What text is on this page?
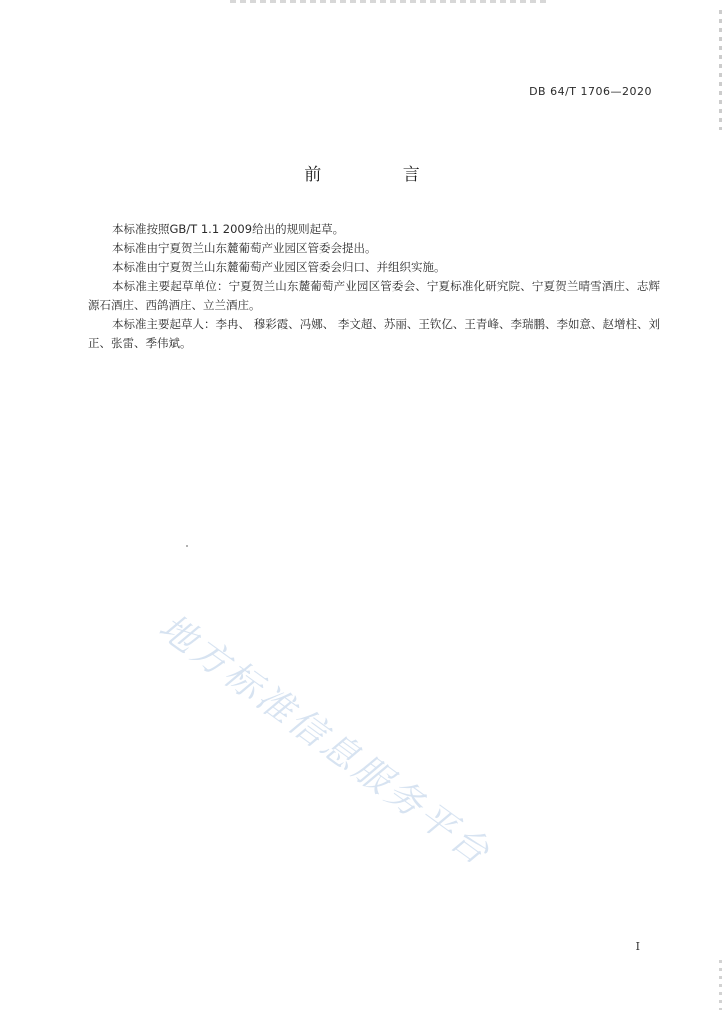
DB 64/T 1706—2020
前 言

本标准按照GB/T 1.1 2009给出的规则起草。

本标准由宁夏贺兰山东麓葡萄产业园区管委会提出。

本标准由宁夏贺兰山东麓葡萄产业园区管委会归口、并组织实施。

本标准主要起草单位：宁夏贺兰山东麓葡萄产业园区管委会、宁夏标准化研究院、宁夏贺兰晴雪酒庄、志辉源石酒庄、西鸽酒庄、立兰酒庄。

本标准主要起草人：李冉、 穆彩霞、冯娜、 李文超、苏丽、王钦亿、王青峰、李瑞鹏、李如意、赵增柱、刘正、张雷、季伟斌。

地方标准信息服务平台
I
